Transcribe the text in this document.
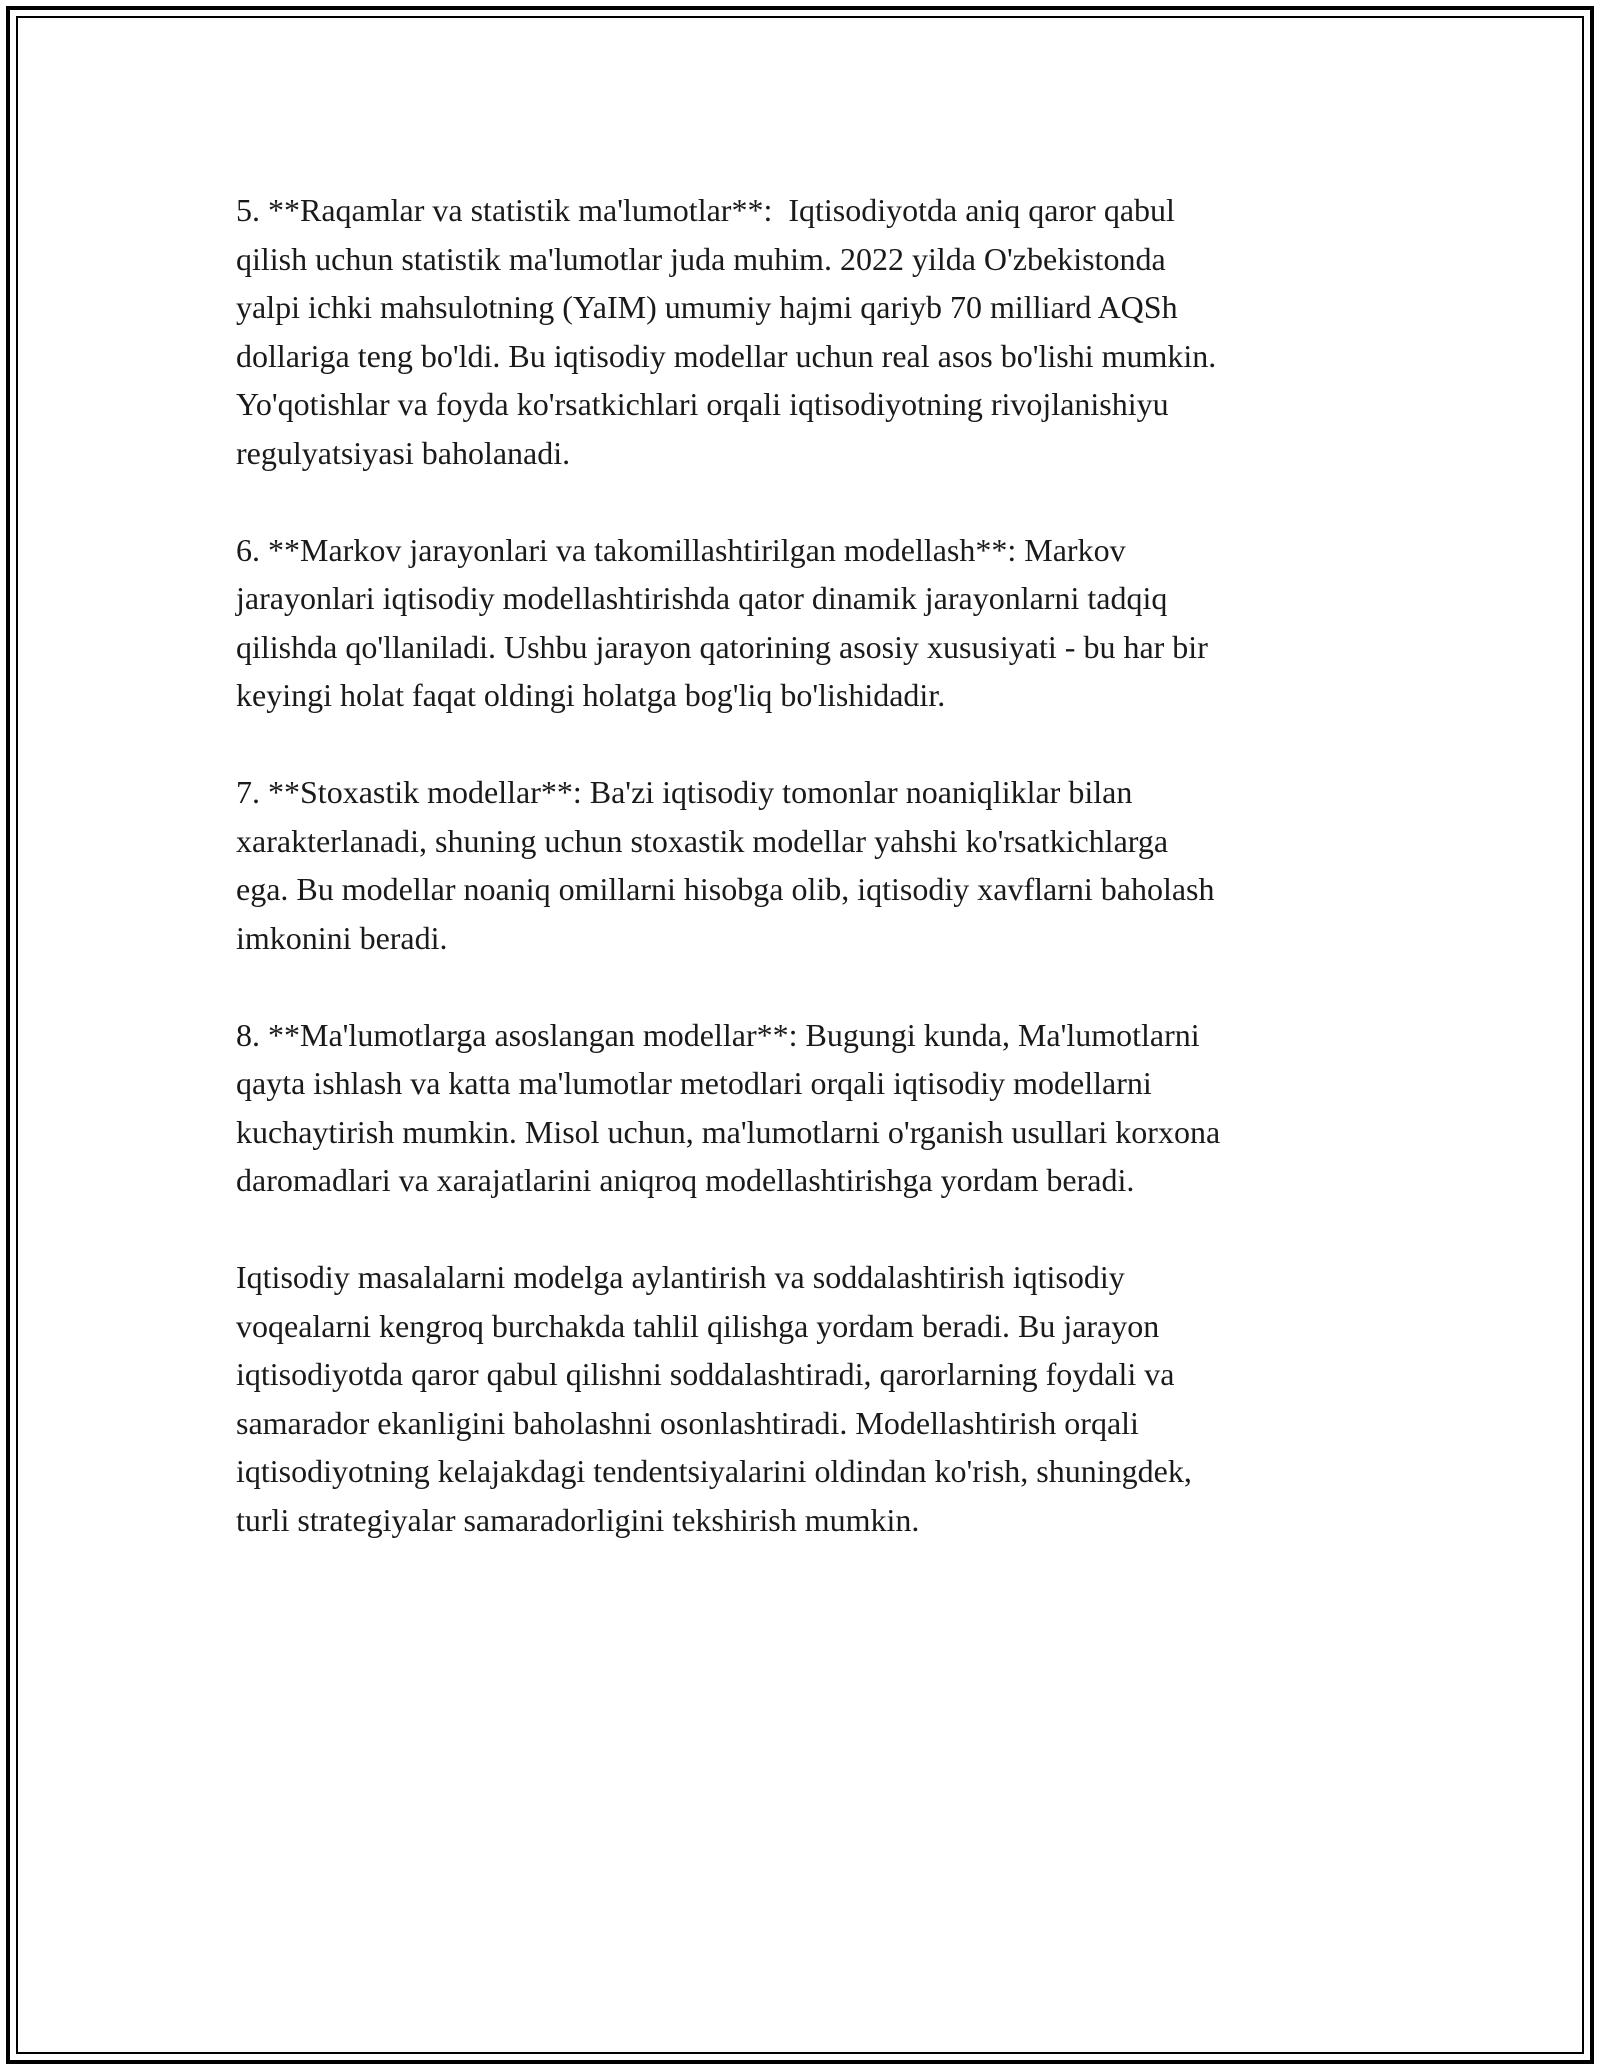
5. **Raqamlar va statistik ma'lumotlar**:  Iqtisodiyotda aniq qaror qabul
qilish uchun statistik ma'lumotlar juda muhim. 2022 yilda O'zbekistonda
yalpi ichki mahsulotning (YaIM) umumiy hajmi qariyb 70 milliard AQSh
dollariga teng bo'ldi. Bu iqtisodiy modellar uchun real asos bo'lishi mumkin.
Yo'qotishlar va foyda ko'rsatkichlari orqali iqtisodiyotning rivojlanishiyu
regulyatsiyasi baholanadi.

6. **Markov jarayonlari va takomillashtirilgan modellash**: Markov
jarayonlari iqtisodiy modellashtirishda qator dinamik jarayonlarni tadqiq
qilishda qo'llaniladi. Ushbu jarayon qatorining asosiy xususiyati - bu har bir
keyingi holat faqat oldingi holatga bog'liq bo'lishidadir.

7. **Stoxastik modellar**: Ba'zi iqtisodiy tomonlar noaniqliklar bilan
xarakterlanadi, shuning uchun stoxastik modellar yahshi ko'rsatkichlarga
ega. Bu modellar noaniq omillarni hisobga olib, iqtisodiy xavflarni baholash
imkonini beradi.

8. **Ma'lumotlarga asoslangan modellar**: Bugungi kunda, Ma'lumotlarni
qayta ishlash va katta ma'lumotlar metodlari orqali iqtisodiy modellarni
kuchaytirish mumkin. Misol uchun, ma'lumotlarni o'rganish usullari korxona
daromadlari va xarajatlarini aniqroq modellashtirishga yordam beradi.

Iqtisodiy masalalarni modelga aylantirish va soddalashtirish iqtisodiy
voqealarni kengroq burchakda tahlil qilishga yordam beradi. Bu jarayon
iqtisodiyotda qaror qabul qilishni soddalashtiradi, qarorlarning foydali va
samarador ekanligini baholashni osonlashtiradi. Modellashtirish orqali
iqtisodiyotning kelajakdagi tendentsiyalarini oldindan ko'rish, shuningdek,
turli strategiyalar samaradorligini tekshirish mumkin.
